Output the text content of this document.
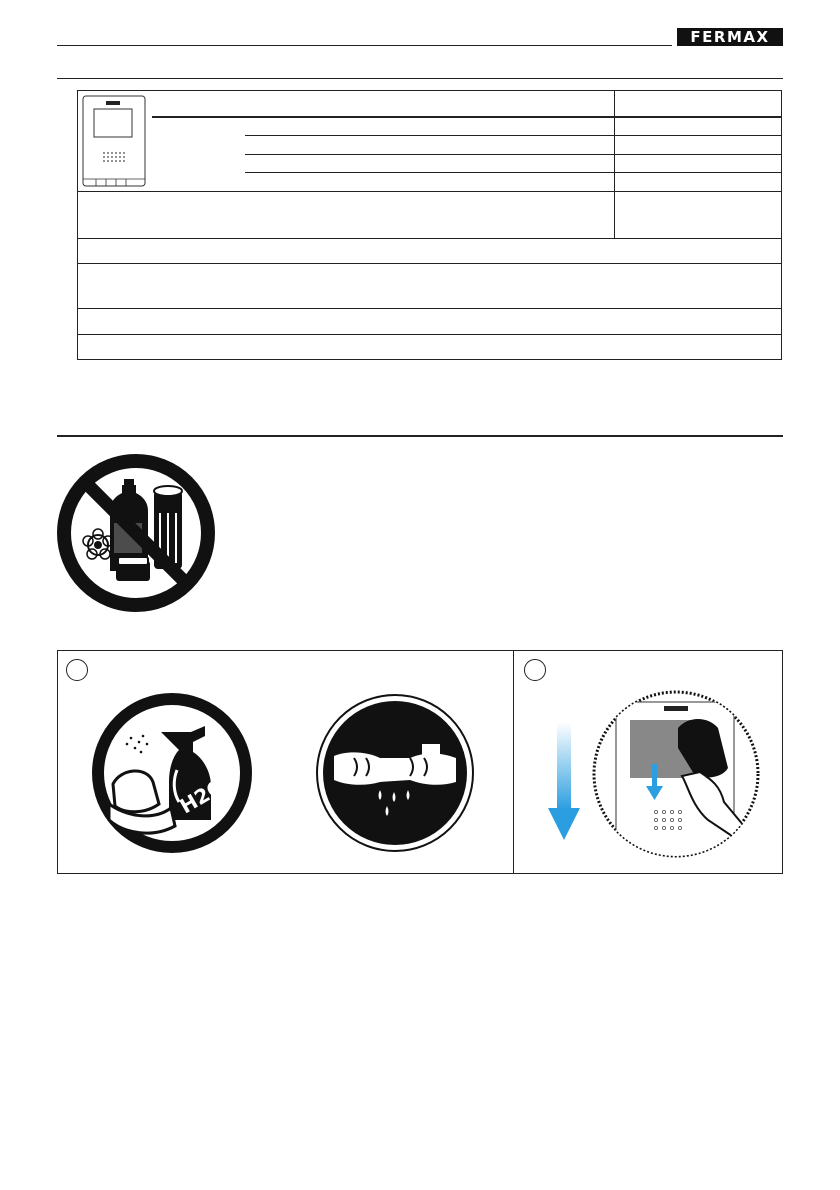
FERMAX
H2O
